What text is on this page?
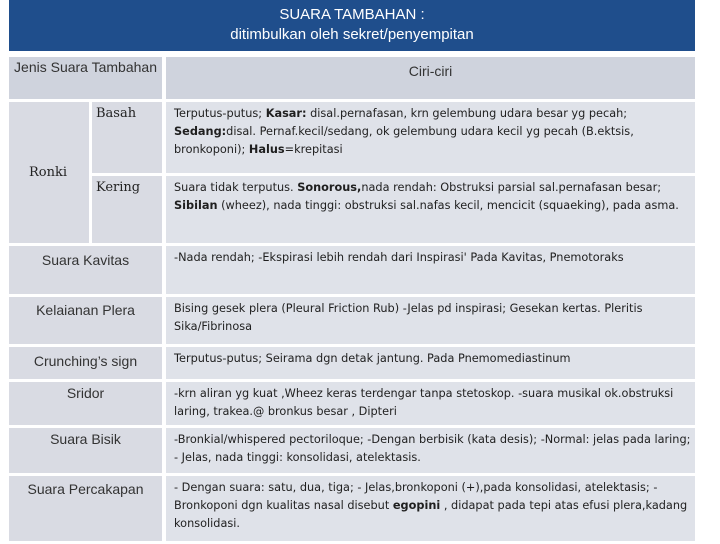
SUARA TAMBAHAN :
ditimbulkan oleh sekret/penyempitan
Jenis Suara Tambahan		Ciri-ciri
Ronki	Basah	Terputus-putus; Kasar: disal.pernafasan, krn gelembung udara besar yg pecah; Sedang:disal. Pernaf.kecil/sedang, ok gelembung udara kecil yg pecah (B.ektsis, bronkoponi); Halus=krepitasi
	Kering	Suara tidak terputus. Sonorous,nada rendah: Obstruksi parsial sal.pernafasan besar; Sibilan (wheez), nada tinggi: obstruksi sal.nafas kecil, mencicit (squaeking), pada asma.
Suara Kavitas		-Nada rendah; -Ekspirasi lebih rendah dari Inspirasi' Pada Kavitas, Pnemotoraks
Kelaianan Plera		Bising gesek plera (Pleural Friction Rub) -Jelas pd inspirasi; Gesekan kertas. Pleritis Sika/Fibrinosa
Crunching’s sign		Terputus-putus; Seirama dgn detak jantung. Pada Pnemomediastinum
Sridor		-krn aliran yg kuat ,Wheez keras terdengar tanpa stetoskop. -suara musikal ok.obstruksi laring, trakea.@ bronkus besar , Dipteri
Suara Bisik		-Bronkial/whispered pectoriloque; -Dengan berbisik (kata desis); -Normal: jelas pada laring; - Jelas, nada tinggi: konsolidasi, atelektasis.
Suara Percakapan		- Dengan suara: satu, dua, tiga; - Jelas,bronkoponi (+),pada konsolidasi, atelektasis; -Bronkoponi dgn kualitas nasal disebut egopini , didapat pada tepi atas efusi plera,kadang konsolidasi.
